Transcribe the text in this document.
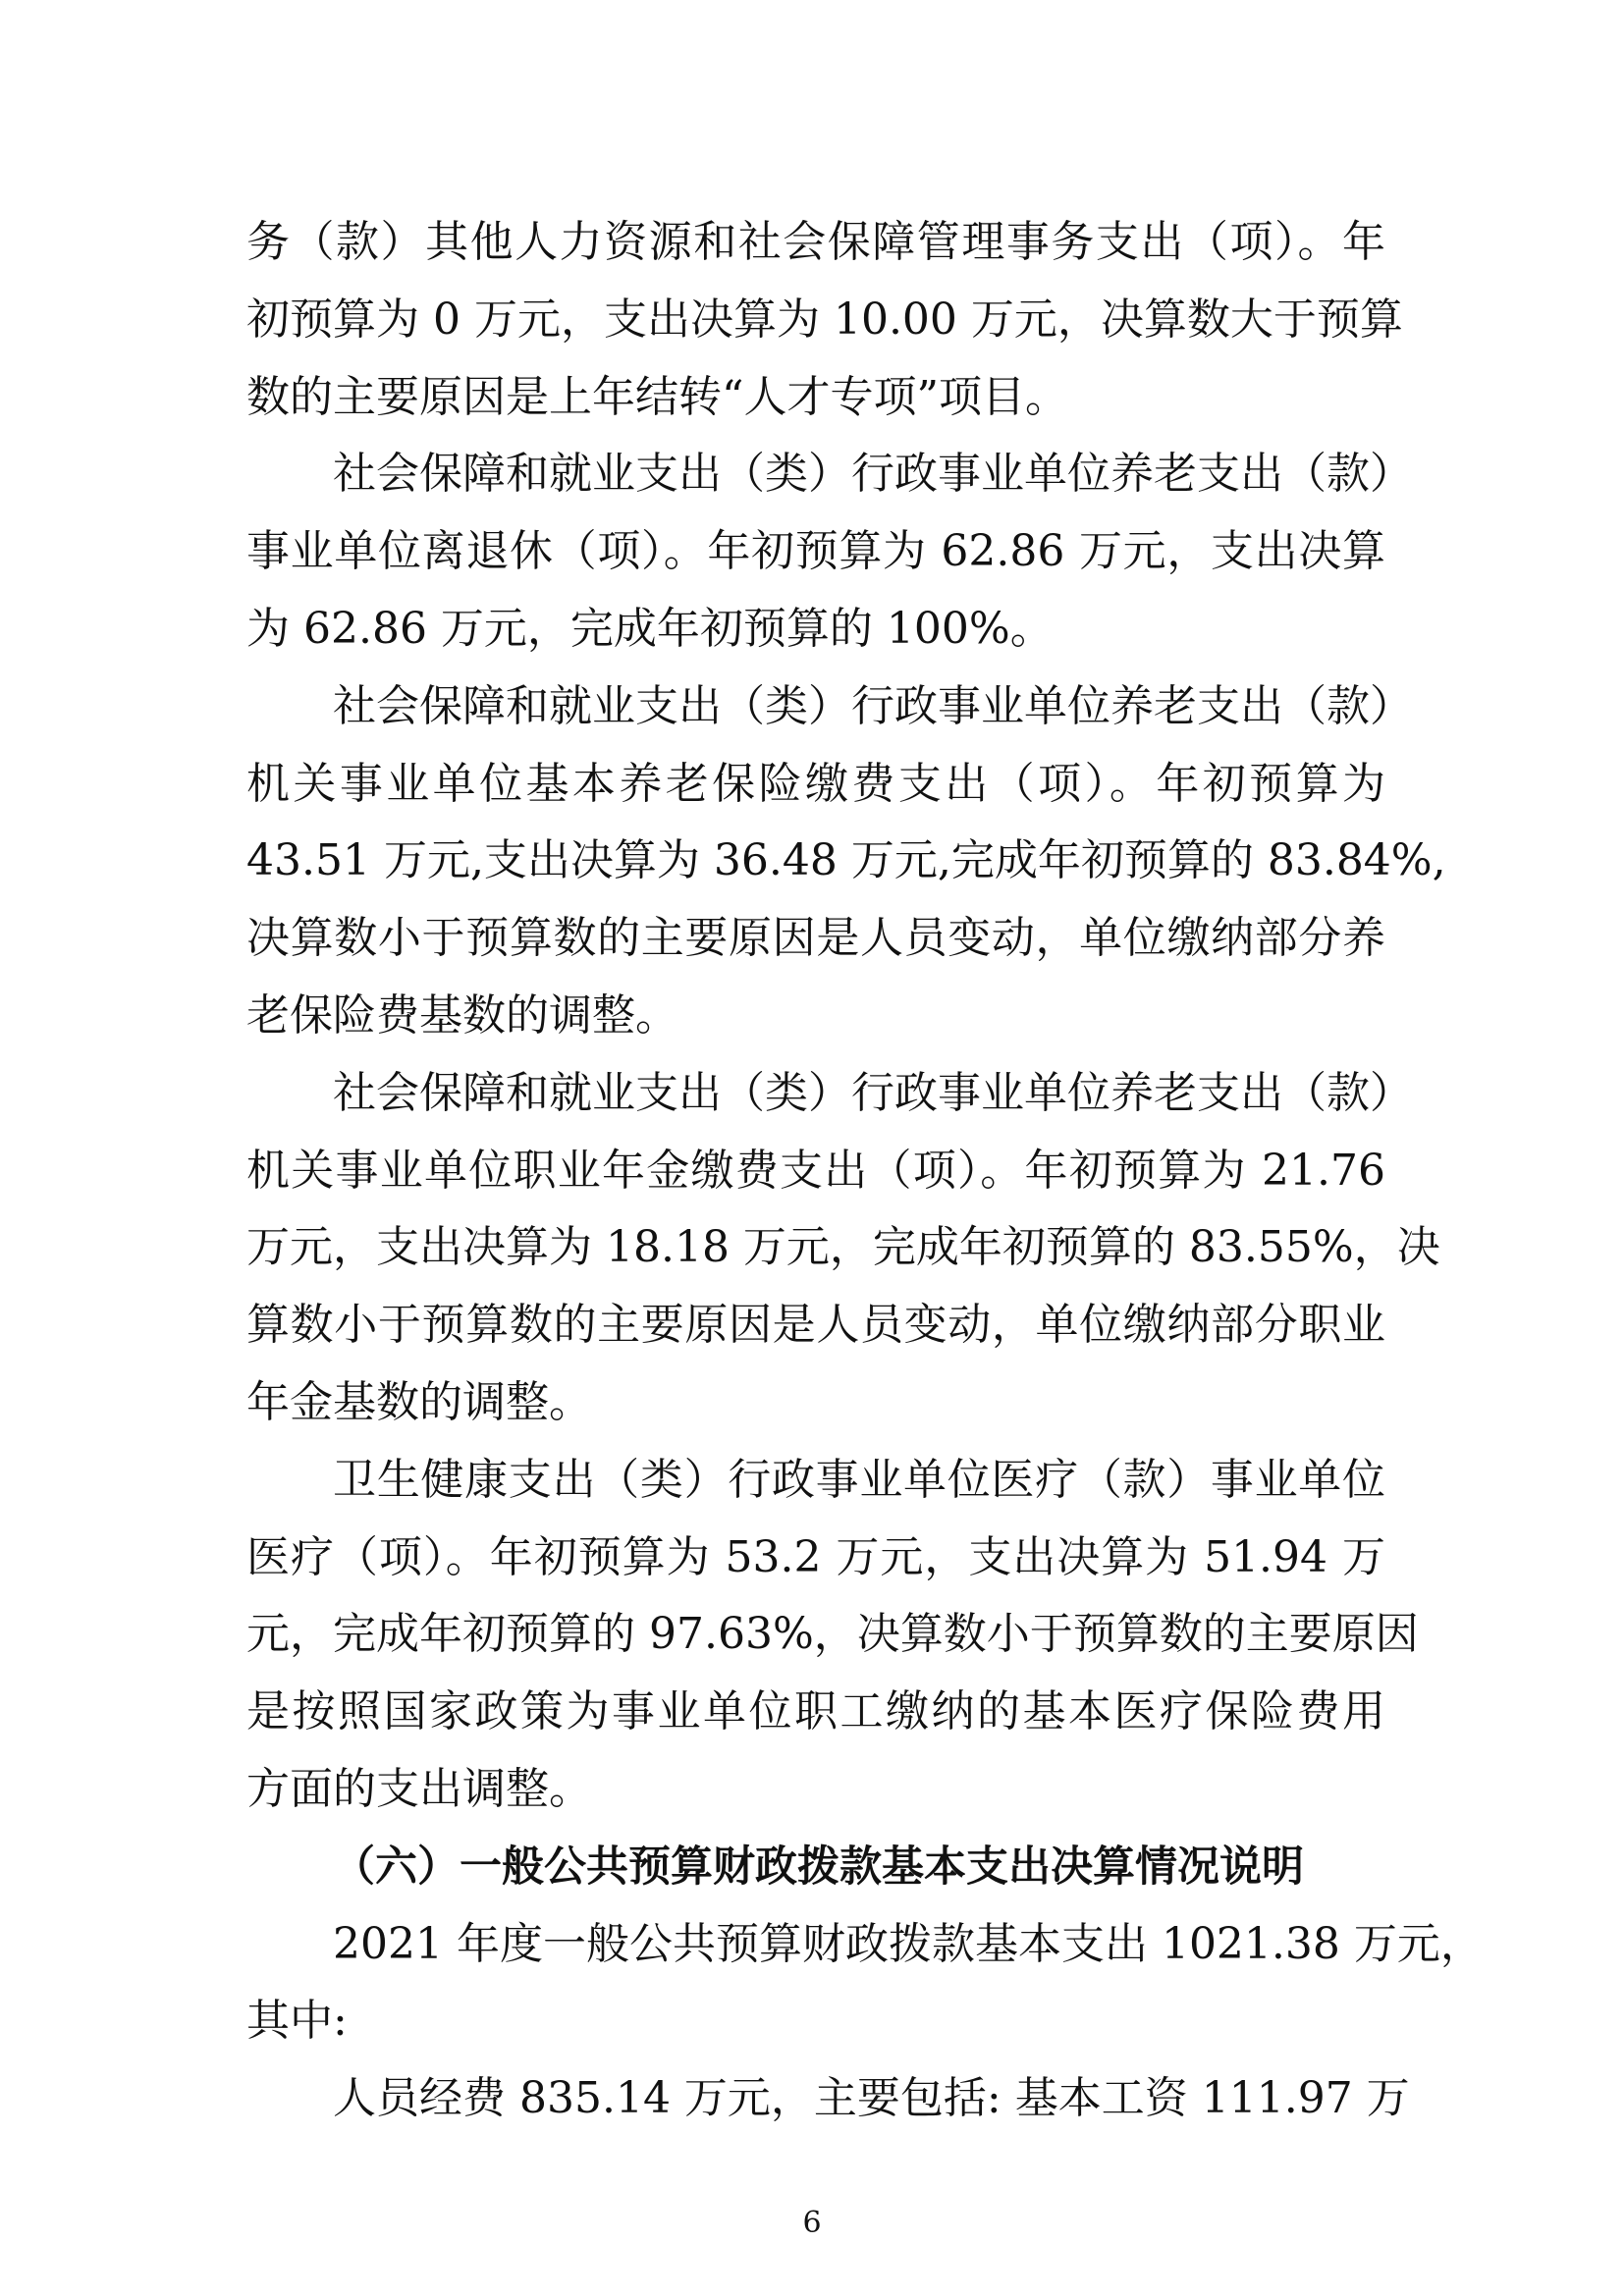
务（款）其他人力资源和社会保障管理事务支出（项）。年
初预算为 0 万元，支出决算为 10.00 万元，决算数大于预算
数的主要原因是上年结转“人才专项”项目。
社会保障和就业支出（类）行政事业单位养老支出（款）
事业单位离退休（项）。年初预算为 62.86 万元，支出决算
为 62.86 万元，完成年初预算的 100%。
社会保障和就业支出（类）行政事业单位养老支出（款）
机关事业单位基本养老保险缴费支出（项）。年初预算为
43.51 万元,支出决算为 36.48 万元,完成年初预算的 83.84%,
决算数小于预算数的主要原因是人员变动，单位缴纳部分养
老保险费基数的调整。
社会保障和就业支出（类）行政事业单位养老支出（款）
机关事业单位职业年金缴费支出（项）。年初预算为 21.76
万元，支出决算为 18.18 万元，完成年初预算的 83.55%，决
算数小于预算数的主要原因是人员变动，单位缴纳部分职业
年金基数的调整。
卫生健康支出（类）行政事业单位医疗（款）事业单位
医疗（项）。年初预算为 53.2 万元，支出决算为 51.94 万
元，完成年初预算的 97.63%，决算数小于预算数的主要原因
是按照国家政策为事业单位职工缴纳的基本医疗保险费用
方面的支出调整。
（六）一般公共预算财政拨款基本支出决算情况说明
2021 年度一般公共预算财政拨款基本支出 1021.38 万元，
其中:
人员经费 835.14 万元，主要包括: 基本工资 111.97 万
6
